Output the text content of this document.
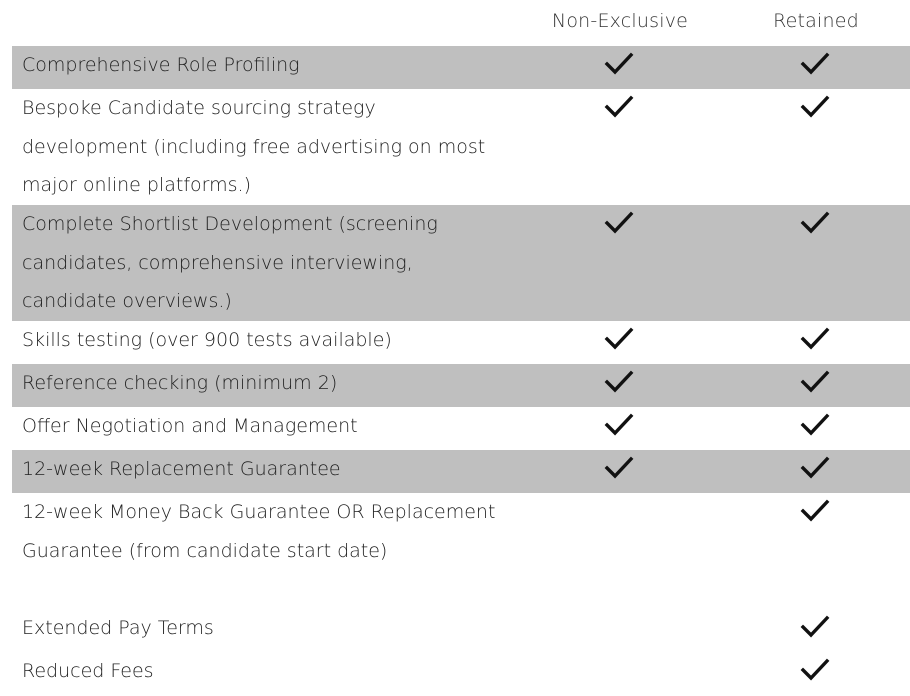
Non-Exclusive	Retained
Comprehensive Role Profiling
Bespoke Candidate sourcing strategy development (including free advertising on most major online platforms.)
Complete Shortlist Development (screening candidates, comprehensive interviewing, candidate overviews.)
Skills testing (over 900 tests available)
Reference checking (minimum 2)
Offer Negotiation and Management
12-week Replacement Guarantee
12-week Money Back Guarantee OR Replacement Guarantee (from candidate start date)
Extended Pay Terms
Reduced Fees
